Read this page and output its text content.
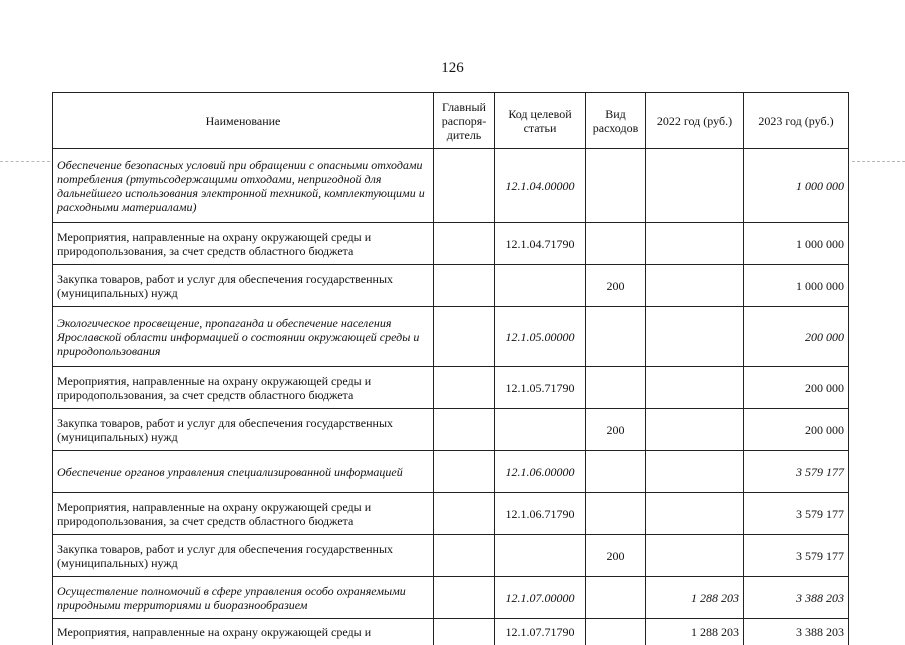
126
Наименование	Главный распоря-дитель	Код целевой статьи	Вид расходов	2022 год (руб.)	2023 год (руб.)
Обеспечение безопасных условий при обращении с опасными отходами потребления (ртутьсодержащими отходами, непригодной для дальнейшего использования электронной техникой, комплектующими и расходными материалами)		12.1.04.00000			1 000 000
Мероприятия, направленные на охрану окружающей среды и природопользования, за счет средств областного бюджета		12.1.04.71790			1 000 000
Закупка товаров, работ и услуг для обеспечения государственных (муниципальных) нужд			200		1 000 000
Экологическое просвещение, пропаганда и обеспечение населения Ярославской области информацией о состоянии окружающей среды и природопользования		12.1.05.00000			200 000
Мероприятия, направленные на охрану окружающей среды и природопользования, за счет средств областного бюджета		12.1.05.71790			200 000
Закупка товаров, работ и услуг для обеспечения государственных (муниципальных) нужд			200		200 000
Обеспечение органов управления специализированной информацией		12.1.06.00000			3 579 177
Мероприятия, направленные на охрану окружающей среды и природопользования, за счет средств областного бюджета		12.1.06.71790			3 579 177
Закупка товаров, работ и услуг для обеспечения государственных (муниципальных) нужд			200		3 579 177
Осуществление полномочий в сфере управления особо охраняемыми природными территориями и биоразнообразием		12.1.07.00000		1 288 203	3 388 203
Мероприятия, направленные на охрану окружающей среды и		12.1.07.71790		1 288 203	3 388 203
